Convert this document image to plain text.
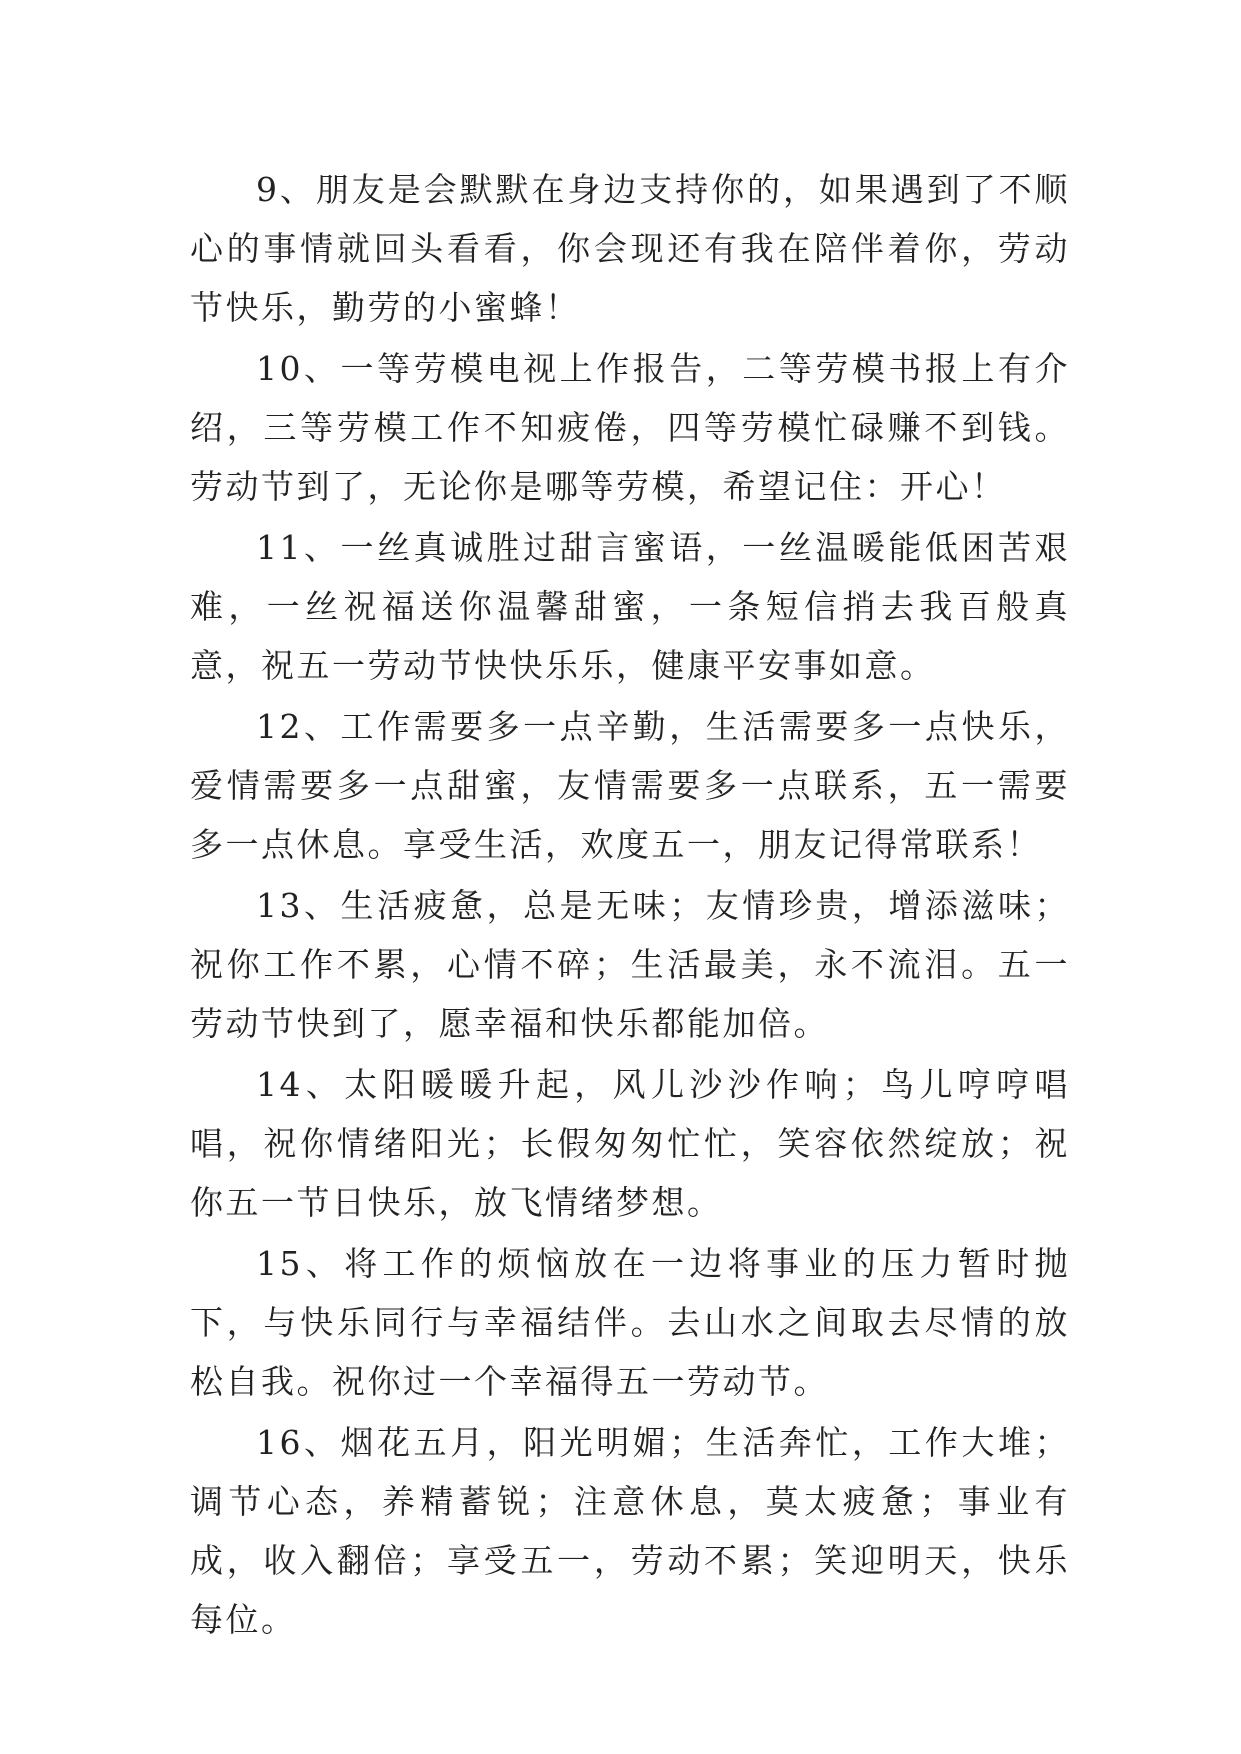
9、朋友是会默默在身边支持你的，如果遇到了不顺心的事情就回头看看，你会现还有我在陪伴着你，劳动节快乐，勤劳的小蜜蜂！

10、一等劳模电视上作报告，二等劳模书报上有介绍，三等劳模工作不知疲倦，四等劳模忙碌赚不到钱。劳动节到了，无论你是哪等劳模，希望记住：开心！

11、一丝真诚胜过甜言蜜语，一丝温暖能低困苦艰难，一丝祝福送你温馨甜蜜，一条短信捎去我百般真意，祝五一劳动节快快乐乐，健康平安事如意。

12、工作需要多一点辛勤，生活需要多一点快乐，爱情需要多一点甜蜜，友情需要多一点联系，五一需要多一点休息。享受生活，欢度五一，朋友记得常联系！

13、生活疲惫，总是无味；友情珍贵，增添滋味；祝你工作不累，心情不碎；生活最美，永不流泪。五一劳动节快到了，愿幸福和快乐都能加倍。

14、太阳暖暖升起，风儿沙沙作响；鸟儿哼哼唱唱，祝你情绪阳光；长假匆匆忙忙，笑容依然绽放；祝你五一节日快乐，放飞情绪梦想。

15、将工作的烦恼放在一边将事业的压力暂时抛下，与快乐同行与幸福结伴。去山水之间取去尽情的放松自我。祝你过一个幸福得五一劳动节。

16、烟花五月，阳光明媚；生活奔忙，工作大堆；调节心态，养精蓄锐；注意休息，莫太疲惫；事业有成，收入翻倍；享受五一，劳动不累；笑迎明天，快乐每位。
